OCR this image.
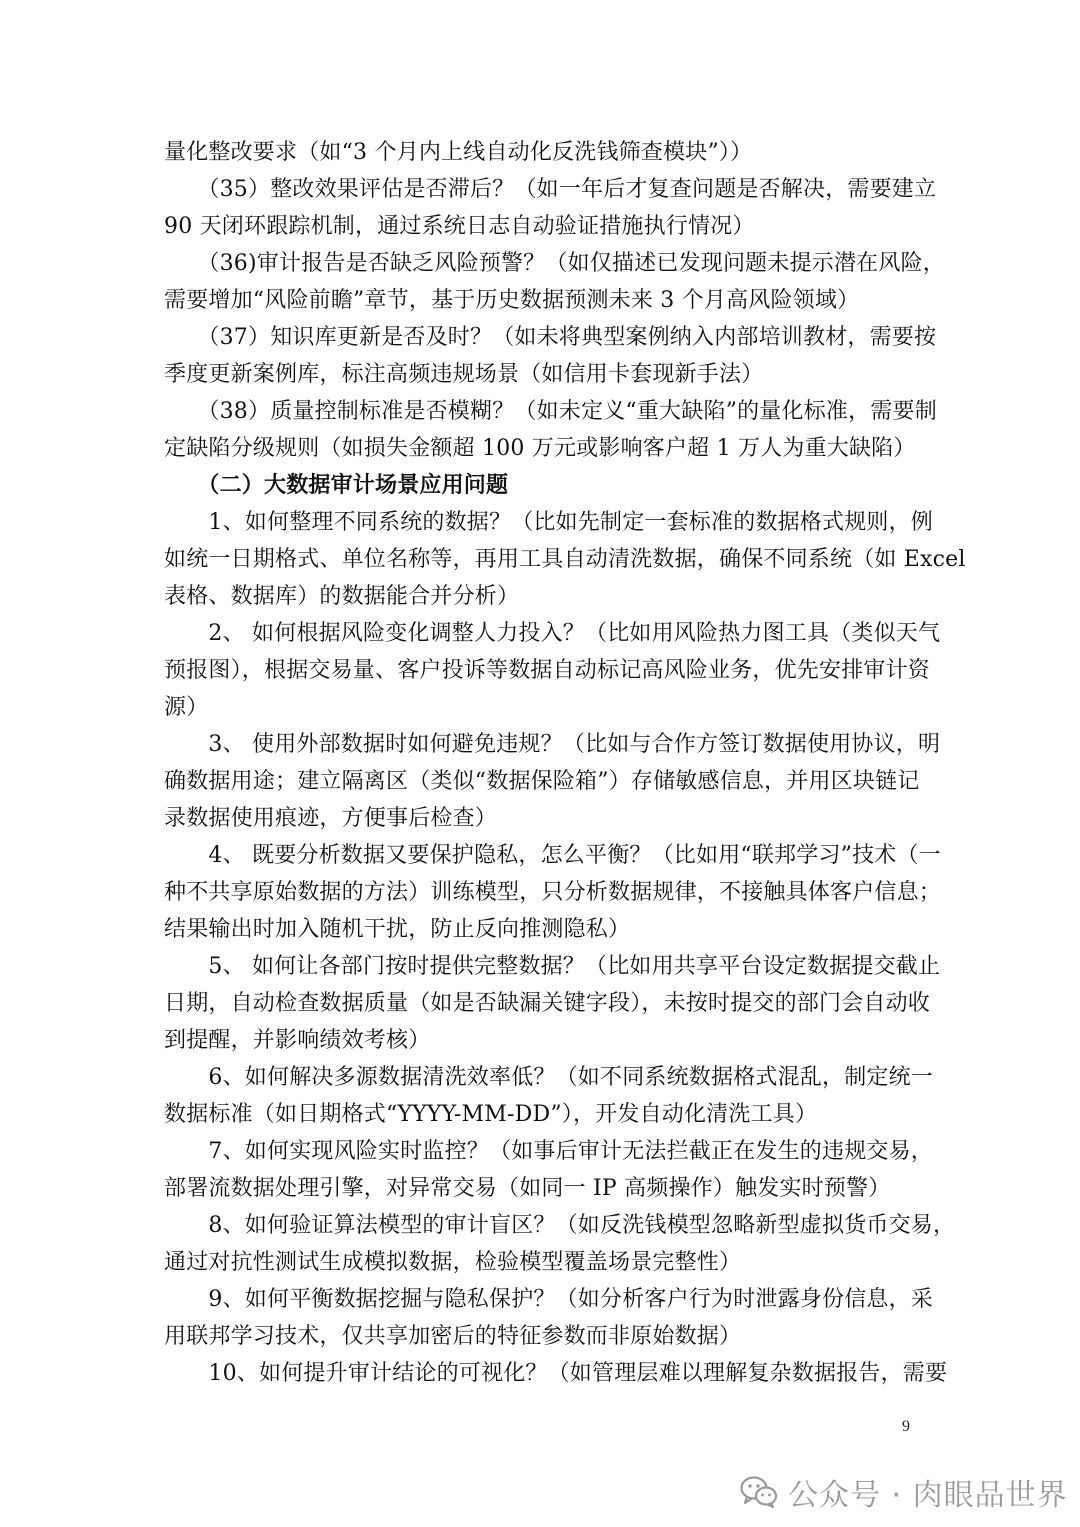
量化整改要求（如“3 个月内上线自动化反洗钱筛查模块”））
　　（35）整改效果评估是否滞后？（如一年后才复查问题是否解决，需要建立
90 天闭环跟踪机制，通过系统日志自动验证措施执行情况）
　　（36)审计报告是否缺乏风险预警？（如仅描述已发现问题未提示潜在风险，
需要增加“风险前瞻”章节，基于历史数据预测未来 3 个月高风险领域）
　　（37）知识库更新是否及时？（如未将典型案例纳入内部培训教材，需要按
季度更新案例库，标注高频违规场景（如信用卡套现新手法）
　　（38）质量控制标准是否模糊？（如未定义“重大缺陷”的量化标准，需要制
定缺陷分级规则（如损失金额超 100 万元或影响客户超 1 万人为重大缺陷）
　　（二）大数据审计场景应用问题
　　1、如何整理不同系统的数据？（比如先制定一套标准的数据格式规则，例
如统一日期格式、单位名称等，再用工具自动清洗数据，确保不同系统（如 Excel
表格、数据库）的数据能合并分析）
　　2、 如何根据风险变化调整人力投入？（比如用风险热力图工具（类似天气
预报图），根据交易量、客户投诉等数据自动标记高风险业务，优先安排审计资
源）
　　3、 使用外部数据时如何避免违规？（比如与合作方签订数据使用协议，明
确数据用途；建立隔离区（类似“数据保险箱”）存储敏感信息，并用区块链记
录数据使用痕迹，方便事后检查）
　　4、 既要分析数据又要保护隐私，怎么平衡？（比如用“联邦学习”技术（一
种不共享原始数据的方法）训练模型，只分析数据规律，不接触具体客户信息；
结果输出时加入随机干扰，防止反向推测隐私）
　　5、 如何让各部门按时提供完整数据？（比如用共享平台设定数据提交截止
日期，自动检查数据质量（如是否缺漏关键字段），未按时提交的部门会自动收
到提醒，并影响绩效考核）
　　6、如何解决多源数据清洗效率低？（如不同系统数据格式混乱，制定统一
数据标准（如日期格式“YYYY-MM-DD”），开发自动化清洗工具）
　　7、如何实现风险实时监控？（如事后审计无法拦截正在发生的违规交易，
部署流数据处理引擎，对异常交易（如同一 IP 高频操作）触发实时预警）
　　8、如何验证算法模型的审计盲区？（如反洗钱模型忽略新型虚拟货币交易，
通过对抗性测试生成模拟数据，检验模型覆盖场景完整性）
　　9、如何平衡数据挖掘与隐私保护？（如分析客户行为时泄露身份信息，采
用联邦学习技术，仅共享加密后的特征参数而非原始数据）
　　10、如何提升审计结论的可视化？（如管理层难以理解复杂数据报告，需要
9
公众号 · 肉眼品世界
